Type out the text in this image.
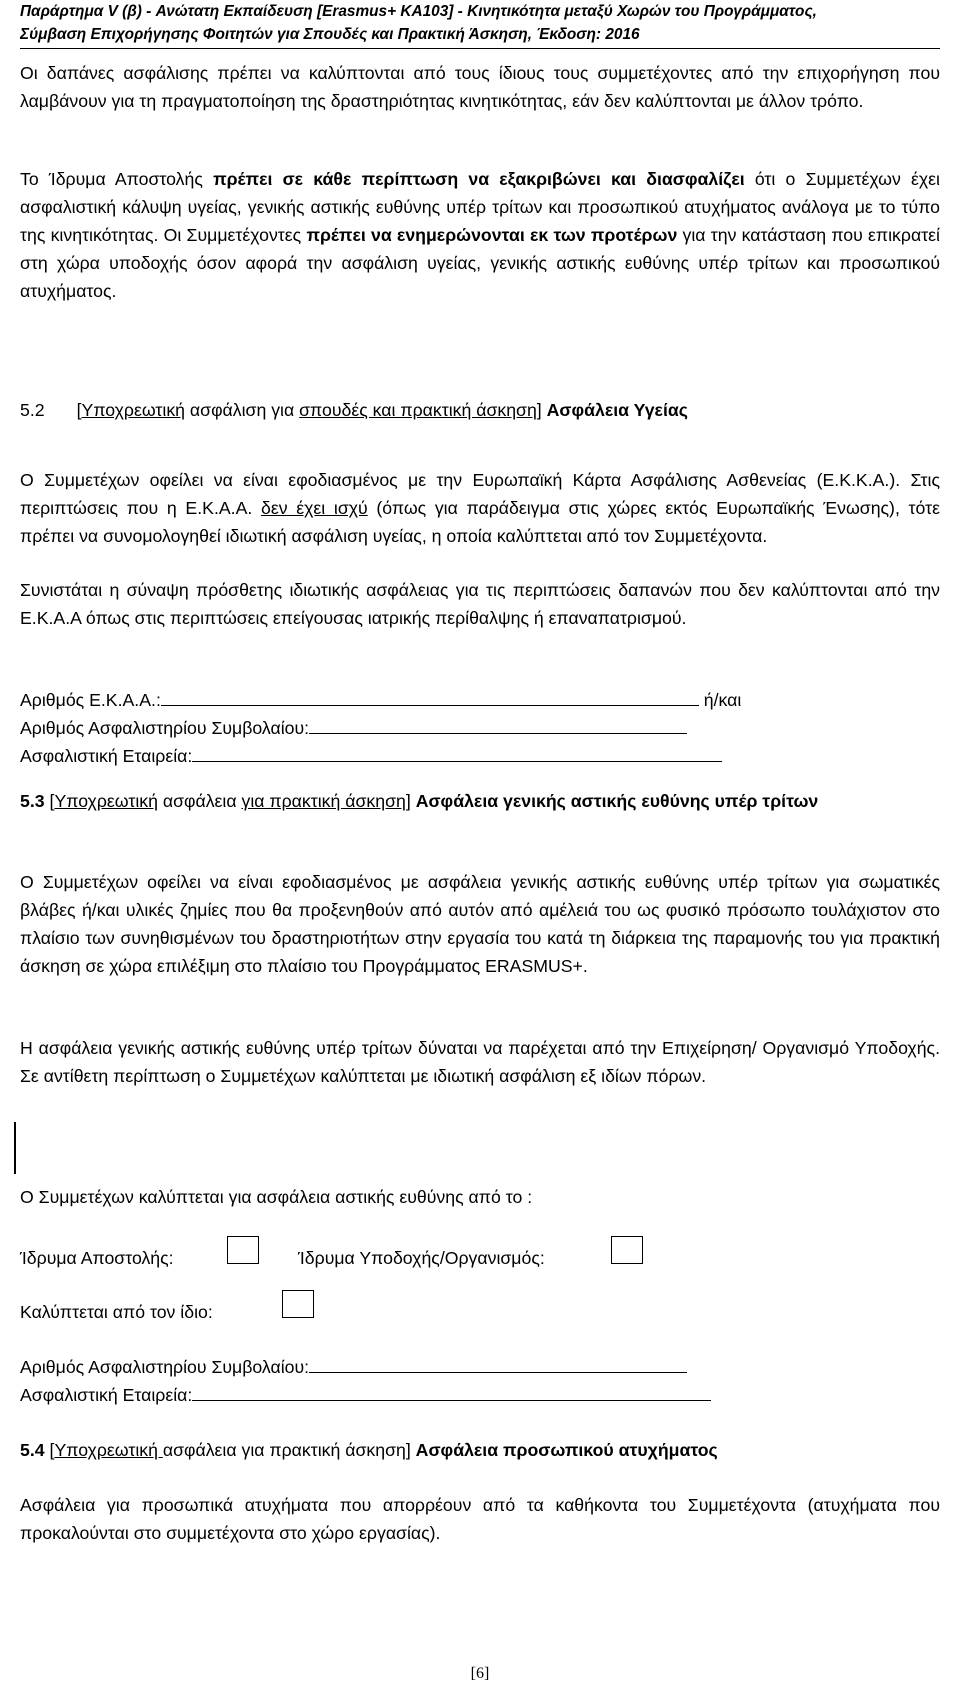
Παράρτημα V (β) - Ανώτατη Εκπαίδευση [Erasmus+ KA103] - Κινητικότητα μεταξύ Χωρών του Προγράμματος,
Σύμβαση Επιχορήγησης Φοιτητών για Σπουδές και Πρακτική Άσκηση, Έκδοση: 2016
Οι δαπάνες ασφάλισης πρέπει να καλύπτονται από τους ίδιους τους συμμετέχοντες από την επιχορήγηση που λαμβάνουν για τη πραγματοποίηση της δραστηριότητας κινητικότητας, εάν δεν καλύπτονται με άλλον τρόπο.
Το Ίδρυμα Αποστολής πρέπει σε κάθε περίπτωση να εξακριβώνει και διασφαλίζει ότι ο Συμμετέχων έχει ασφαλιστική κάλυψη υγείας, γενικής αστικής ευθύνης υπέρ τρίτων και προσωπικού ατυχήματος ανάλογα με το τύπο της κινητικότητας. Οι Συμμετέχοντες πρέπει να ενημερώνονται εκ των προτέρων για την κατάσταση που επικρατεί στη χώρα υποδοχής όσον αφορά την ασφάλιση υγείας, γενικής αστικής ευθύνης υπέρ τρίτων και προσωπικού ατυχήματος.
5.2 [Υποχρεωτική ασφάλιση για σπουδές και πρακτική άσκηση] Ασφάλεια Υγείας
Ο Συμμετέχων οφείλει να είναι εφοδιασμένος με την Ευρωπαϊκή Κάρτα Ασφάλισης Ασθενείας (Ε.Κ.Κ.Α.). Στις περιπτώσεις που η Ε.Κ.Α.Α. δεν έχει ισχύ (όπως για παράδειγμα στις χώρες εκτός Ευρωπαϊκής Ένωσης), τότε πρέπει να συνομολογηθεί ιδιωτική ασφάλιση υγείας, η οποία καλύπτεται από τον Συμμετέχοντα.
Συνιστάται η σύναψη πρόσθετης ιδιωτικής ασφάλειας για τις περιπτώσεις δαπανών που δεν καλύπτονται από την Ε.Κ.Α.Α όπως στις περιπτώσεις επείγουσας ιατρικής περίθαλψης ή επαναπατρισμού.
Αριθμός Ε.Κ.Α.Α.:	ή/και
Αριθμός Ασφαλιστηρίου Συμβολαίου:
Ασφαλιστική Εταιρεία:
5.3 [Υποχρεωτική ασφάλεια για πρακτική άσκηση] Ασφάλεια γενικής αστικής ευθύνης υπέρ τρίτων
Ο Συμμετέχων οφείλει να είναι εφοδιασμένος με ασφάλεια γενικής αστικής ευθύνης υπέρ τρίτων για σωματικές βλάβες ή/και υλικές ζημίες που θα προξενηθούν από αυτόν από αμέλειά του ως φυσικό πρόσωπο τουλάχιστον στο πλαίσιο των συνηθισμένων του δραστηριοτήτων στην εργασία του κατά τη διάρκεια της παραμονής του για πρακτική άσκηση σε χώρα επιλέξιμη στο πλαίσιο του Προγράμματος ERASMUS+.
Η ασφάλεια γενικής αστικής ευθύνης υπέρ τρίτων δύναται να παρέχεται από την Επιχείρηση/ Οργανισμό Υποδοχής. Σε αντίθετη περίπτωση ο Συμμετέχων καλύπτεται με ιδιωτική ασφάλιση εξ ιδίων πόρων.
Ο Συμμετέχων καλύπτεται για ασφάλεια αστικής ευθύνης από το :
Ίδρυμα Αποστολής:	Ίδρυμα Υποδοχής/Οργανισμός:
Καλύπτεται από τον ίδιο:
Αριθμός Ασφαλιστηρίου Συμβολαίου:
Ασφαλιστική Εταιρεία:
5.4 [Υποχρεωτική ασφάλεια για πρακτική άσκηση] Ασφάλεια προσωπικού ατυχήματος
Ασφάλεια για προσωπικά ατυχήματα που απορρέουν από τα καθήκοντα του Συμμετέχοντα (ατυχήματα που προκαλούνται στο συμμετέχοντα στο χώρο εργασίας).
[6]
